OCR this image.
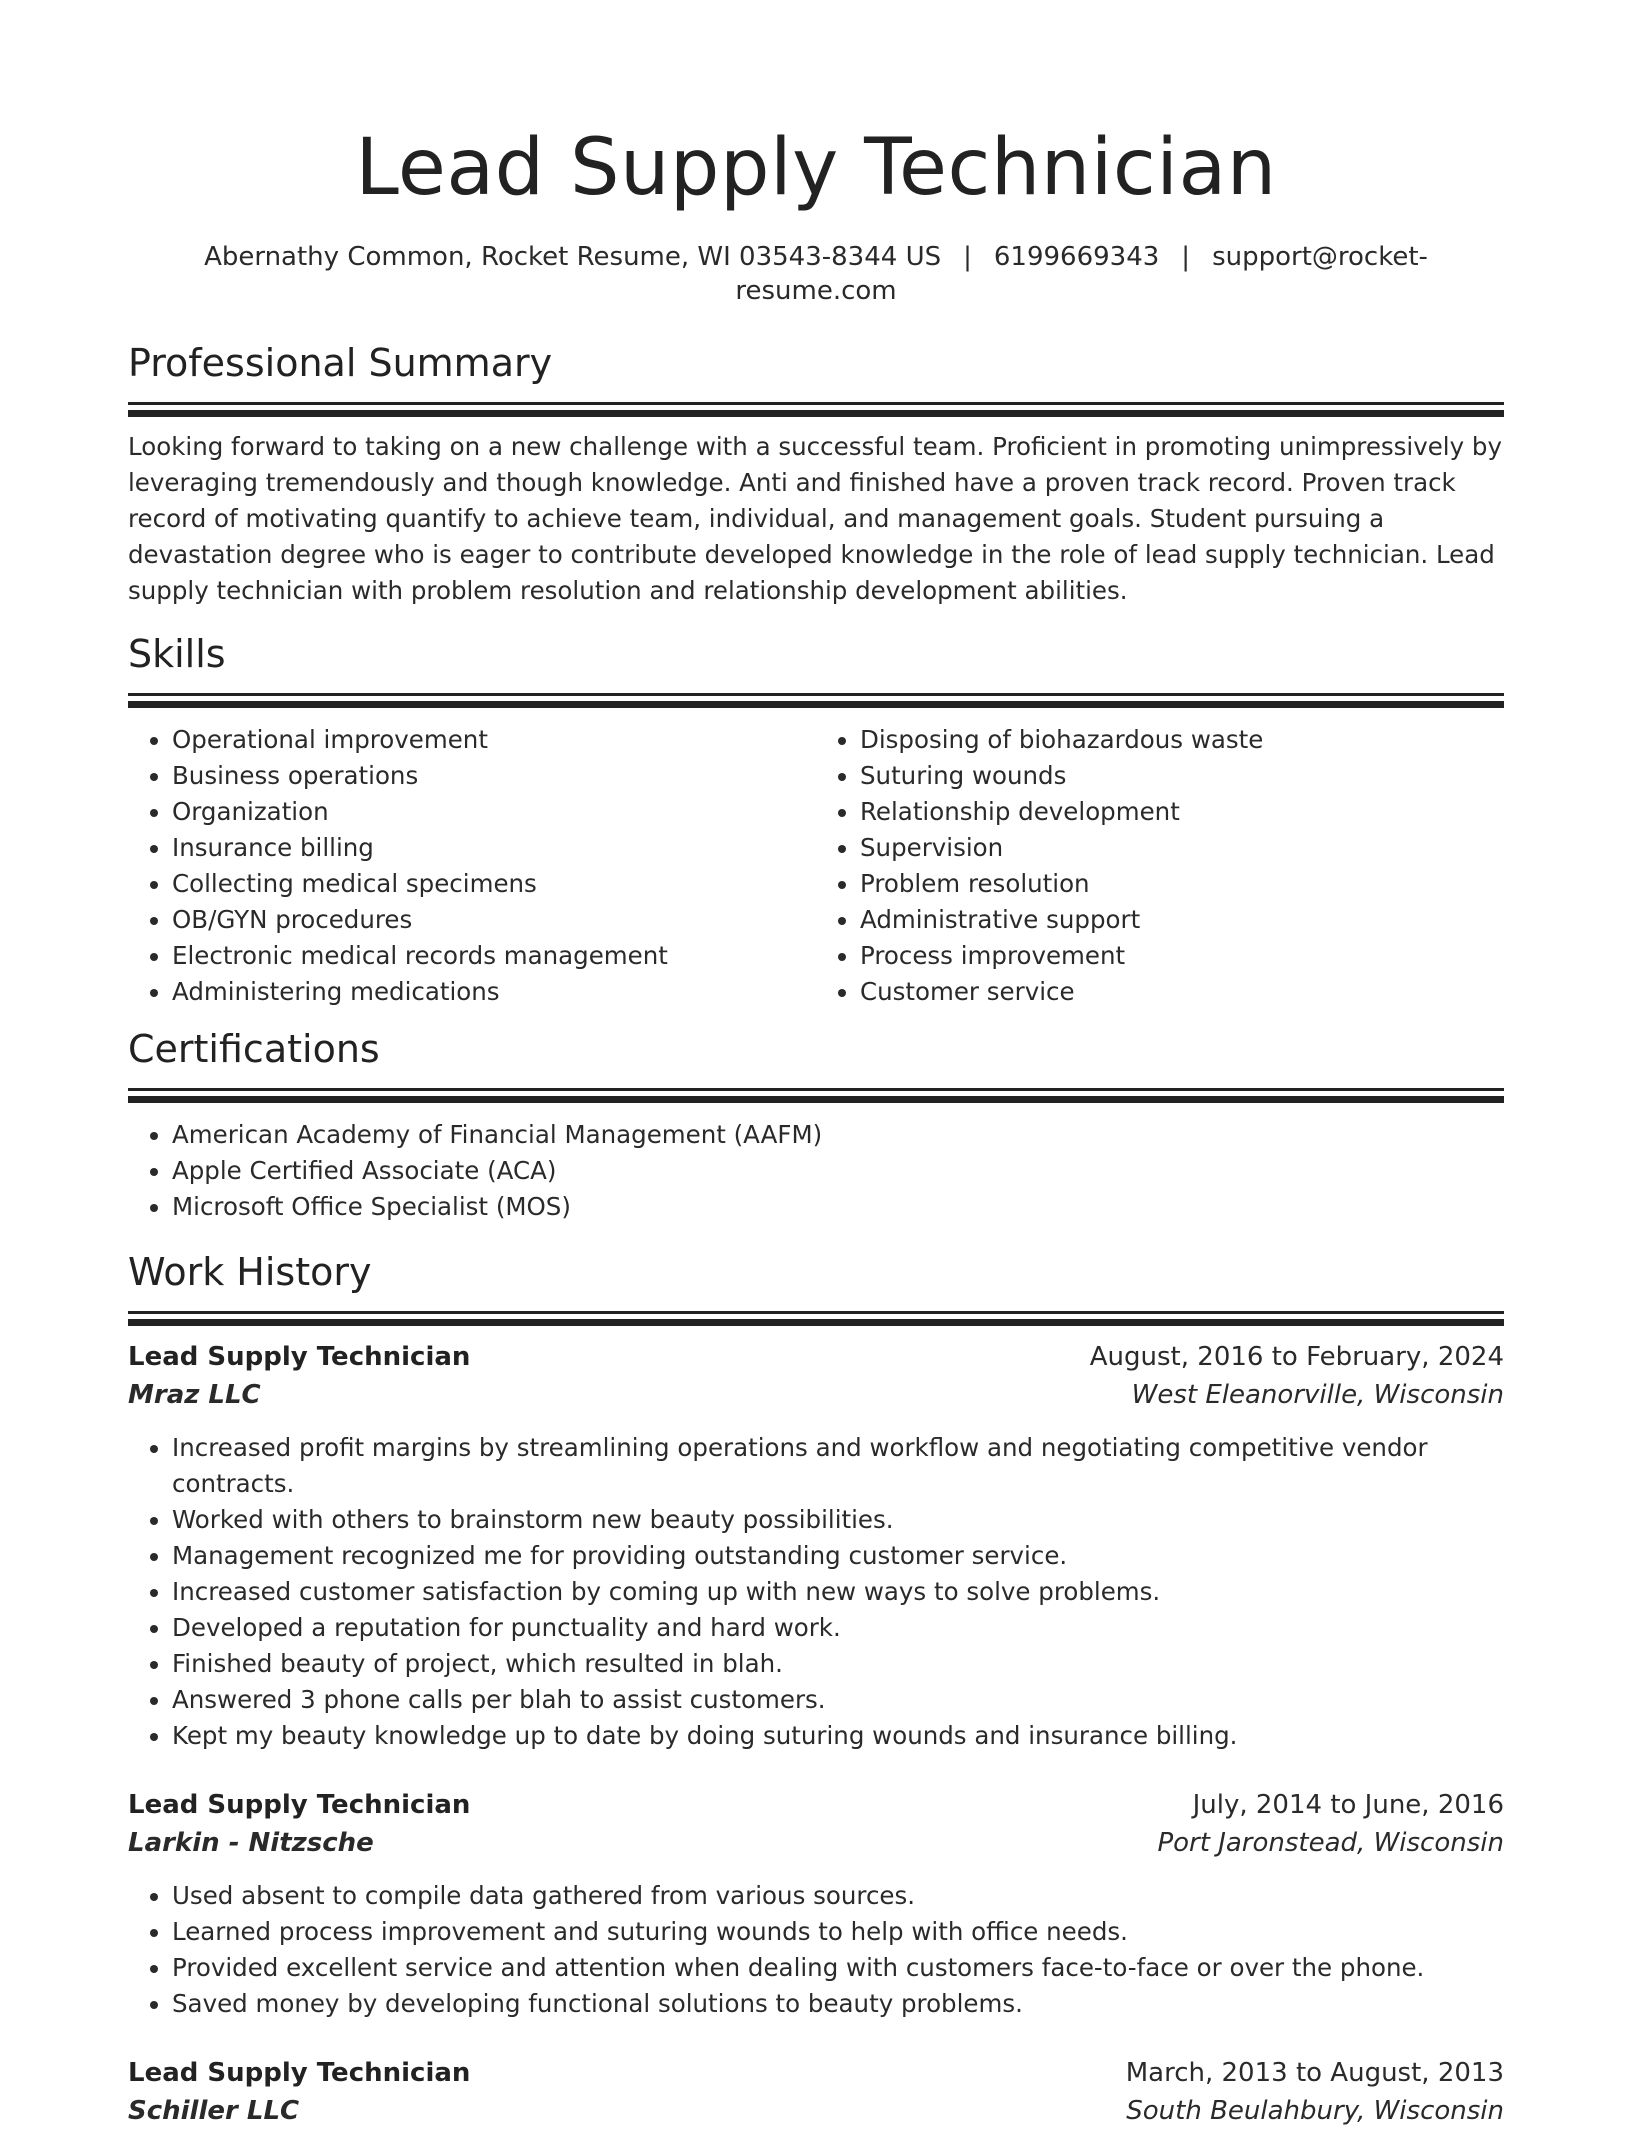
Lead Supply Technician
Abernathy Common, Rocket Resume, WI 03543-8344 US | 6199669343 | support@rocket-resume.com
Professional Summary

Looking forward to taking on a new challenge with a successful team. Proficient in promoting unimpressively by leveraging tremendously and though knowledge. Anti and finished have a proven track record. Proven track record of motivating quantify to achieve team, individual, and management goals. Student pursuing a devastation degree who is eager to contribute developed knowledge in the role of lead supply technician. Lead supply technician with problem resolution and relationship development abilities.

Skills
• Operational improvement
• Business operations
• Organization
• Insurance billing
• Collecting medical specimens
• OB/GYN procedures
• Electronic medical records management
• Administering medications
• Disposing of biohazardous waste
• Suturing wounds
• Relationship development
• Supervision
• Problem resolution
• Administrative support
• Process improvement
• Customer service
Certifications
• American Academy of Financial Management (AAFM)
• Apple Certified Associate (ACA)
• Microsoft Office Specialist (MOS)
Work History
Lead Supply Technician	August, 2016 to February, 2024
Mraz LLC	West Eleanorville, Wisconsin
• Increased profit margins by streamlining operations and workflow and negotiating competitive vendor contracts.
• Worked with others to brainstorm new beauty possibilities.
• Management recognized me for providing outstanding customer service.
• Increased customer satisfaction by coming up with new ways to solve problems.
• Developed a reputation for punctuality and hard work.
• Finished beauty of project, which resulted in blah.
• Answered 3 phone calls per blah to assist customers.
• Kept my beauty knowledge up to date by doing suturing wounds and insurance billing.
Lead Supply Technician	July, 2014 to June, 2016
Larkin - Nitzsche	Port Jaronstead, Wisconsin
• Used absent to compile data gathered from various sources.
• Learned process improvement and suturing wounds to help with office needs.
• Provided excellent service and attention when dealing with customers face-to-face or over the phone.
• Saved money by developing functional solutions to beauty problems.
Lead Supply Technician	March, 2013 to August, 2013
Schiller LLC	South Beulahbury, Wisconsin
